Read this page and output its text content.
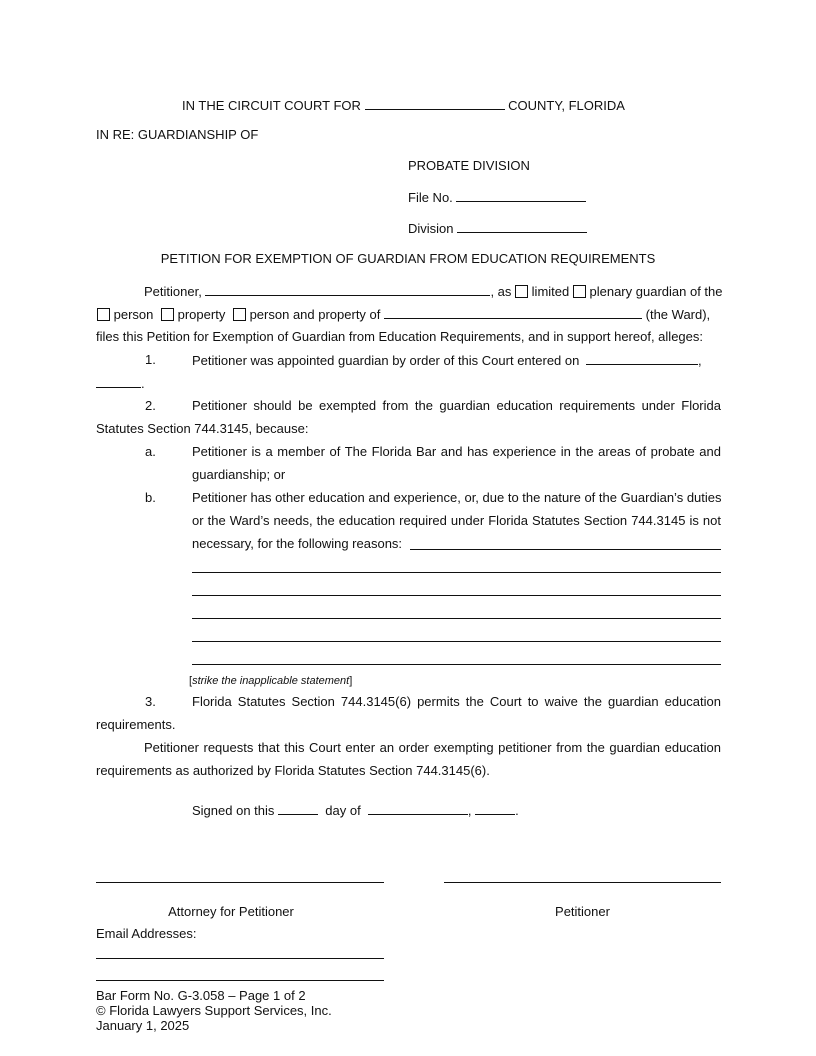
IN THE CIRCUIT COURT FOR	COUNTY, FLORIDA
IN RE: GUARDIANSHIP OF
PROBATE DIVISION
File No.
Division
PETITION FOR EXEMPTION OF GUARDIAN FROM EDUCATION REQUIREMENTS
Petitioner,	, as limited plenary guardian of the
person property person and property of	(the Ward),
files this Petition for Exemption of Guardian from Education Requirements, and in support hereof, alleges:
1.	Petitioner was appointed guardian by order of this Court entered on	,
.
2.	Petitioner should be exempted from the guardian education requirements under Florida
Statutes Section 744.3145, because:
a.	Petitioner is a member of The Florida Bar and has experience in the areas of probate and
guardianship; or
b.	Petitioner has other education and experience, or, due to the nature of the Guardian’s duties
or the Ward’s needs, the education required under Florida Statutes Section 744.3145 is not
necessary, for the following reasons:
[strike the inapplicable statement]
3.	Florida Statutes Section 744.3145(6) permits the Court to waive the guardian education
requirements.
Petitioner requests that this Court enter an order exempting petitioner from the guardian education
requirements as authorized by Florida Statutes Section 744.3145(6).
Signed on this	day of	,	.
Attorney for Petitioner	Petitioner
Email Addresses:
Bar Form No. G-3.058 – Page 1 of 2
© Florida Lawyers Support Services, Inc.
January 1, 2025
